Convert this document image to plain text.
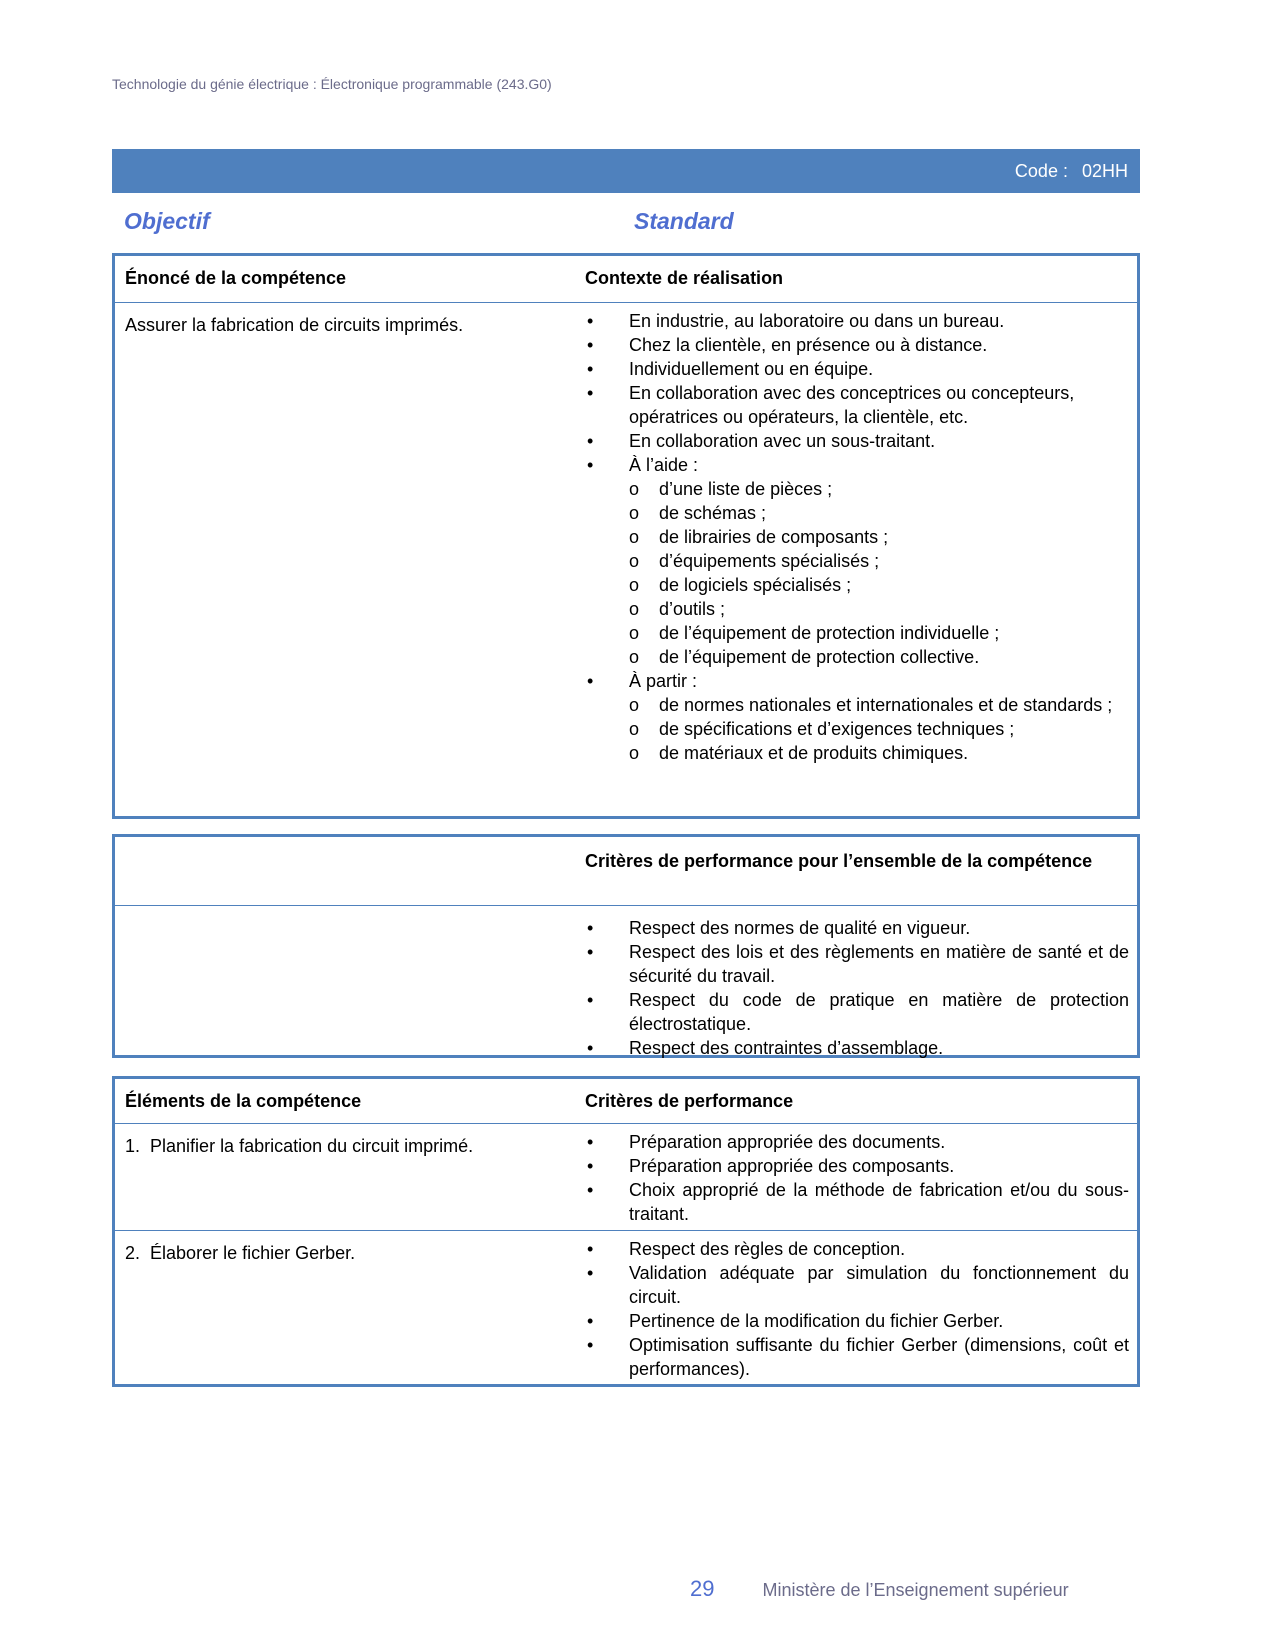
Technologie du génie électrique : Électronique programmable (243.G0)
Code : 02HH
Objectif	Standard
Énoncé de la compétence	Contexte de réalisation
Assurer la fabrication de circuits imprimés.	• En industrie, au laboratoire ou dans un bureau.
• Chez la clientèle, en présence ou à distance.
• Individuellement ou en équipe.
• En collaboration avec des conceptrices ou concepteurs, opératrices ou opérateurs, la clientèle, etc.
• En collaboration avec un sous-traitant.
• À l’aide :
o d’une liste de pièces ;
o de schémas ;
o de librairies de composants ;
o d’équipements spécialisés ;
o de logiciels spécialisés ;
o d’outils ;
o de l’équipement de protection individuelle ;
o de l’équipement de protection collective.
• À partir :
o de normes nationales et internationales et de standards ;
o de spécifications et d’exigences techniques ;
o de matériaux et de produits chimiques.
Critères de performance pour l’ensemble de la compétence
• Respect des normes de qualité en vigueur.
• Respect des lois et des règlements en matière de santé et de sécurité du travail.
• Respect du code de pratique en matière de protection électrostatique.
• Respect des contraintes d’assemblage.
Éléments de la compétence	Critères de performance
1. Planifier la fabrication du circuit imprimé.	• Préparation appropriée des documents.
• Préparation appropriée des composants.
• Choix approprié de la méthode de fabrication et/ou du sous-traitant.
2. Élaborer le fichier Gerber.	• Respect des règles de conception.
• Validation adéquate par simulation du fonctionnement du circuit.
• Pertinence de la modification du fichier Gerber.
• Optimisation suffisante du fichier Gerber (dimensions, coût et performances).
29	Ministère de l’Enseignement supérieur
